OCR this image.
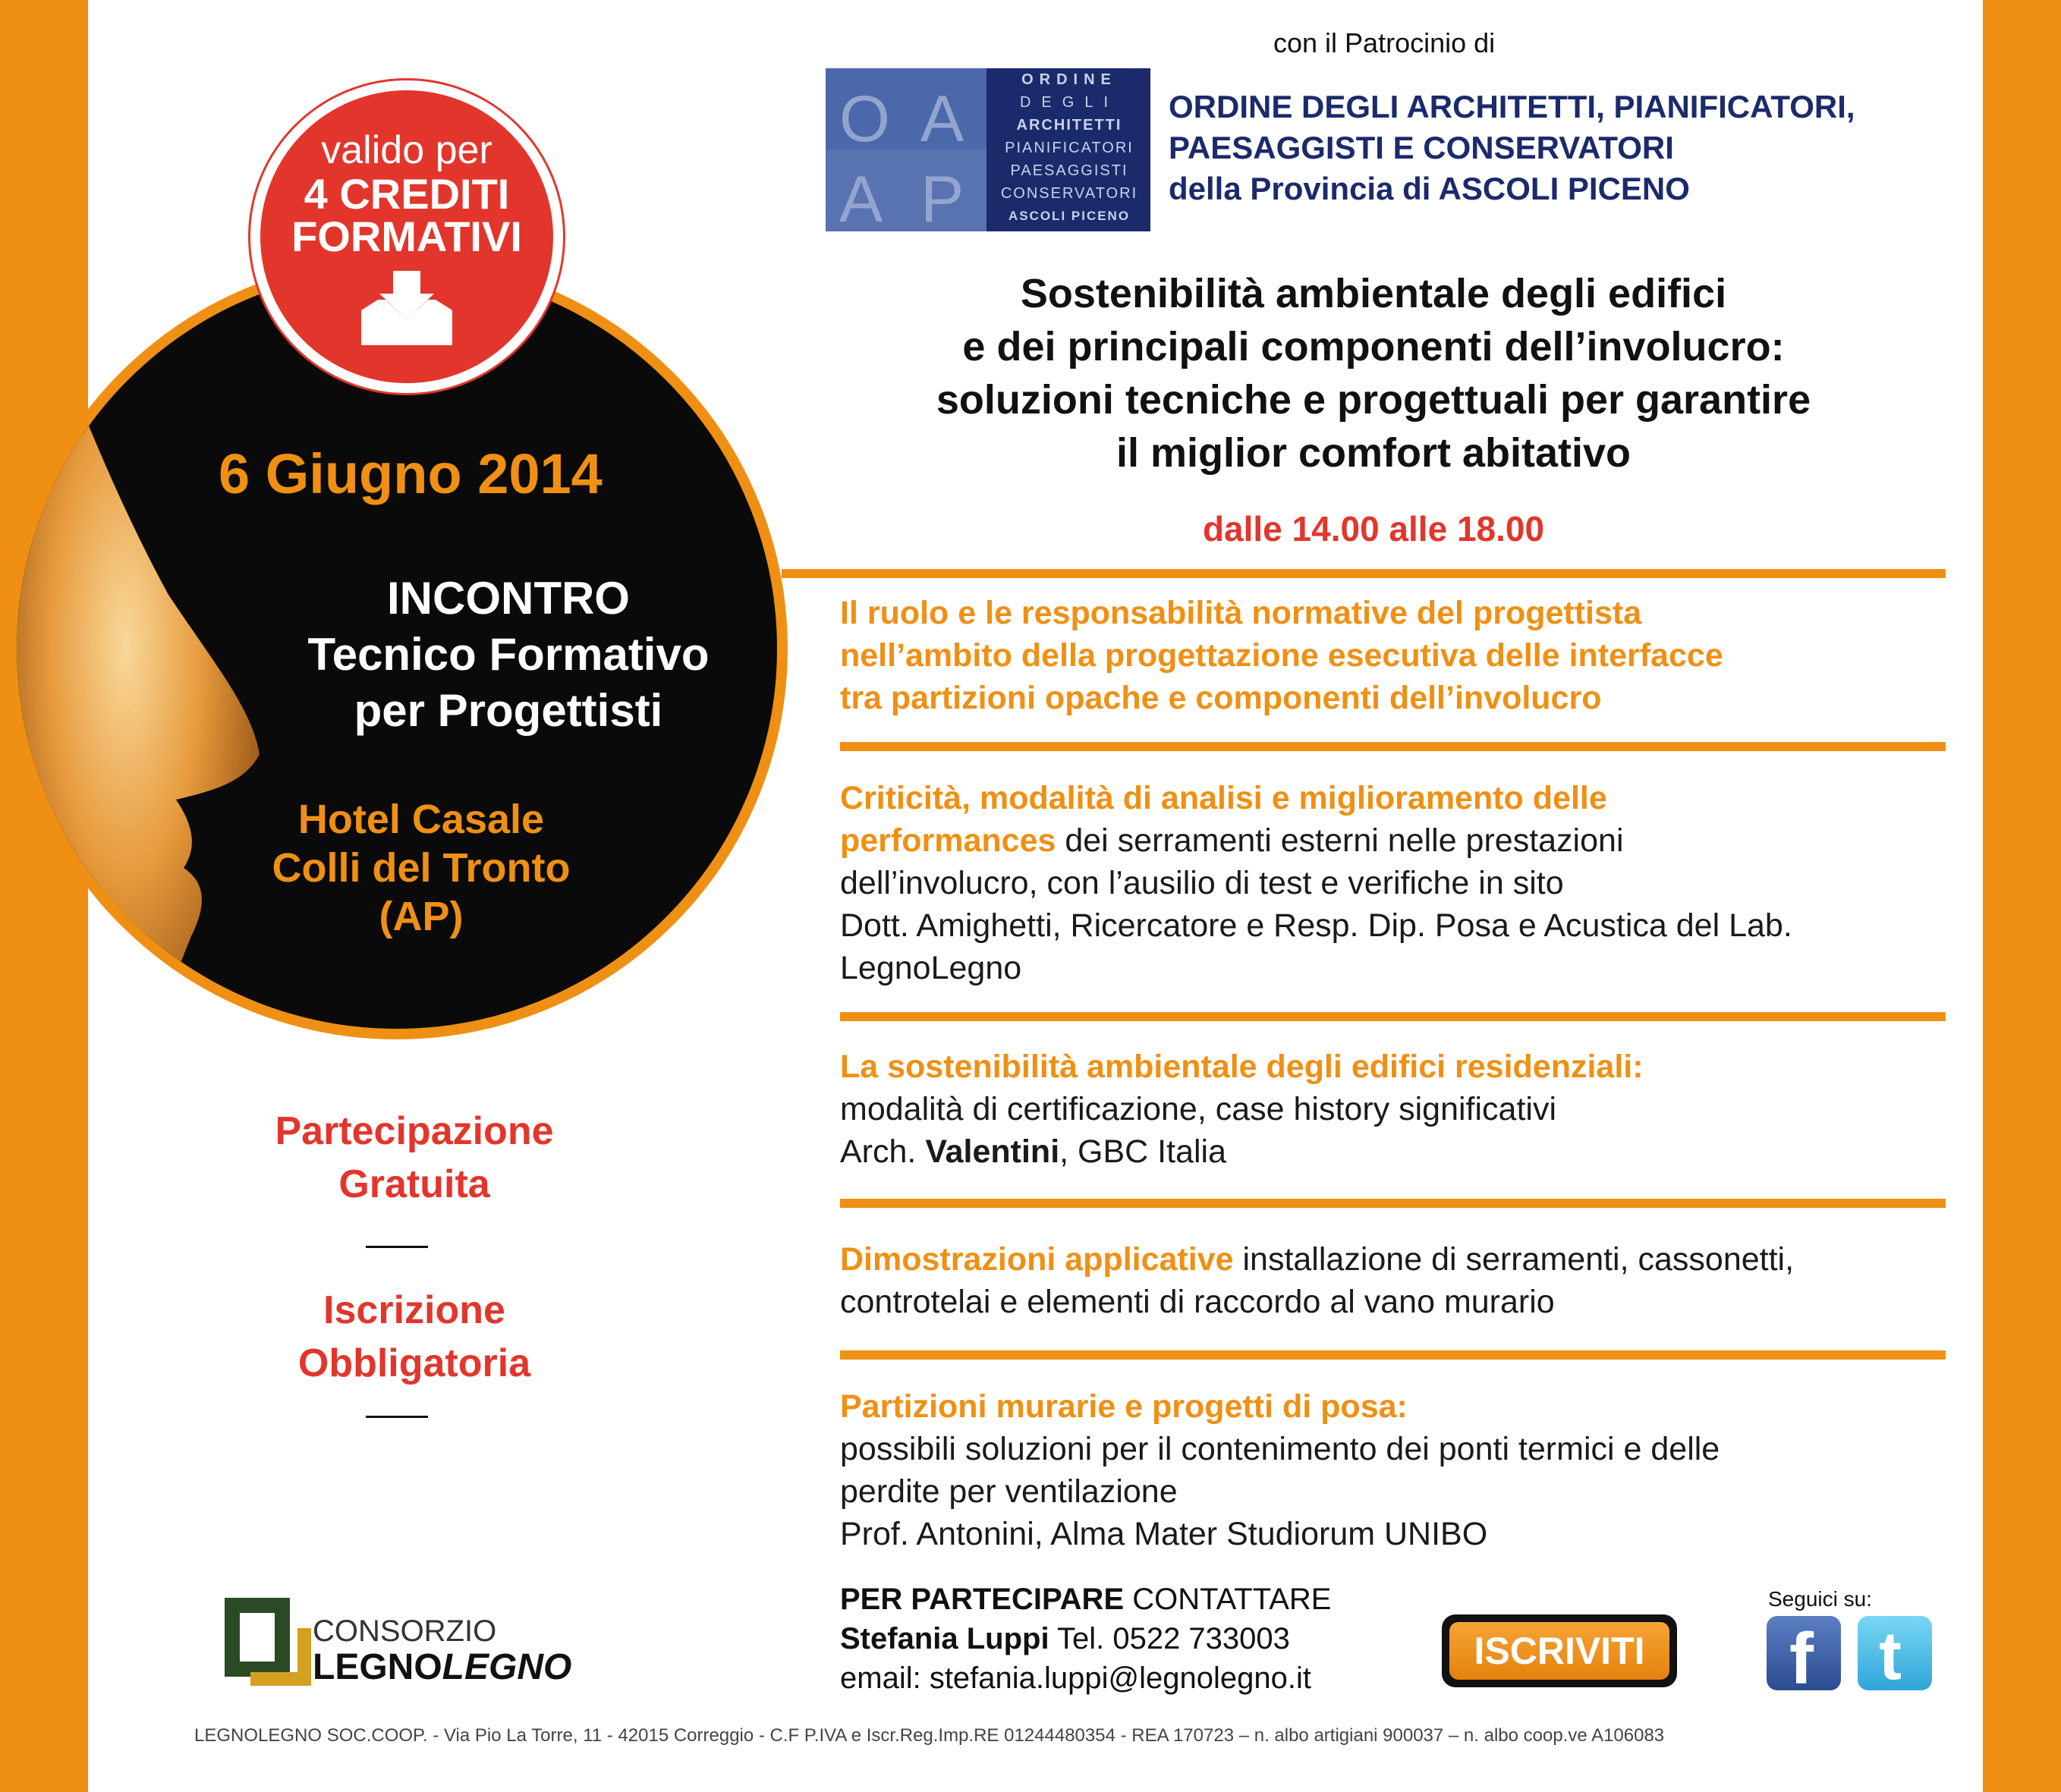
con il Patrocinio di
O A
A P
ORDINE
DEGLI
ARCHITETTI
PIANIFICATORI
PAESAGGISTI
CONSERVATORI
ASCOLI PICENO
ORDINE DEGLI ARCHITETTI, PIANIFICATORI,
PAESAGGISTI E CONSERVATORI
della Provincia di ASCOLI PICENO
valido per
4 CREDITI
FORMATIVI
6 Giugno 2014
INCONTRO
Tecnico Formativo
per Progettisti
Hotel Casale
Colli del Tronto
(AP)
Partecipazione
Gratuita
Iscrizione
Obbligatoria
Sostenibilità ambientale degli edifici
e dei principali componenti dell’involucro:
soluzioni tecniche e progettuali per garantire
il miglior comfort abitativo
dalle 14.00 alle 18.00
Il ruolo e le responsabilità normative del progettista
nell’ambito della progettazione esecutiva delle interfacce
tra partizioni opache e componenti dell’involucro
Criticità, modalità di analisi e miglioramento delle
performances dei serramenti esterni nelle prestazioni
dell’involucro, con l’ausilio di test e verifiche in sito
Dott. Amighetti, Ricercatore e Resp. Dip. Posa e Acustica del Lab.
LegnoLegno
La sostenibilità ambientale degli edifici residenziali:
modalità di certificazione, case history significativi
Arch. Valentini, GBC Italia
Dimostrazioni applicative installazione di serramenti, cassonetti,
controtelai e elementi di raccordo al vano murario
Partizioni murarie e progetti di posa:
possibili soluzioni per il contenimento dei ponti termici e delle
perdite per ventilazione
Prof. Antonini, Alma Mater Studiorum UNIBO
PER PARTECIPARE CONTATTARE
Stefania Luppi Tel. 0522 733003
email: stefania.luppi@legnolegno.it
ISCRIVITI
Seguici su:
f t
CONSORZIO
LEGNOLEGNO
LEGNOLEGNO SOC.COOP. - Via Pio La Torre, 11 - 42015 Correggio - C.F P.IVA e Iscr.Reg.Imp.RE 01244480354 - REA 170723 – n. albo artigiani 900037 – n. albo coop.ve A106083
